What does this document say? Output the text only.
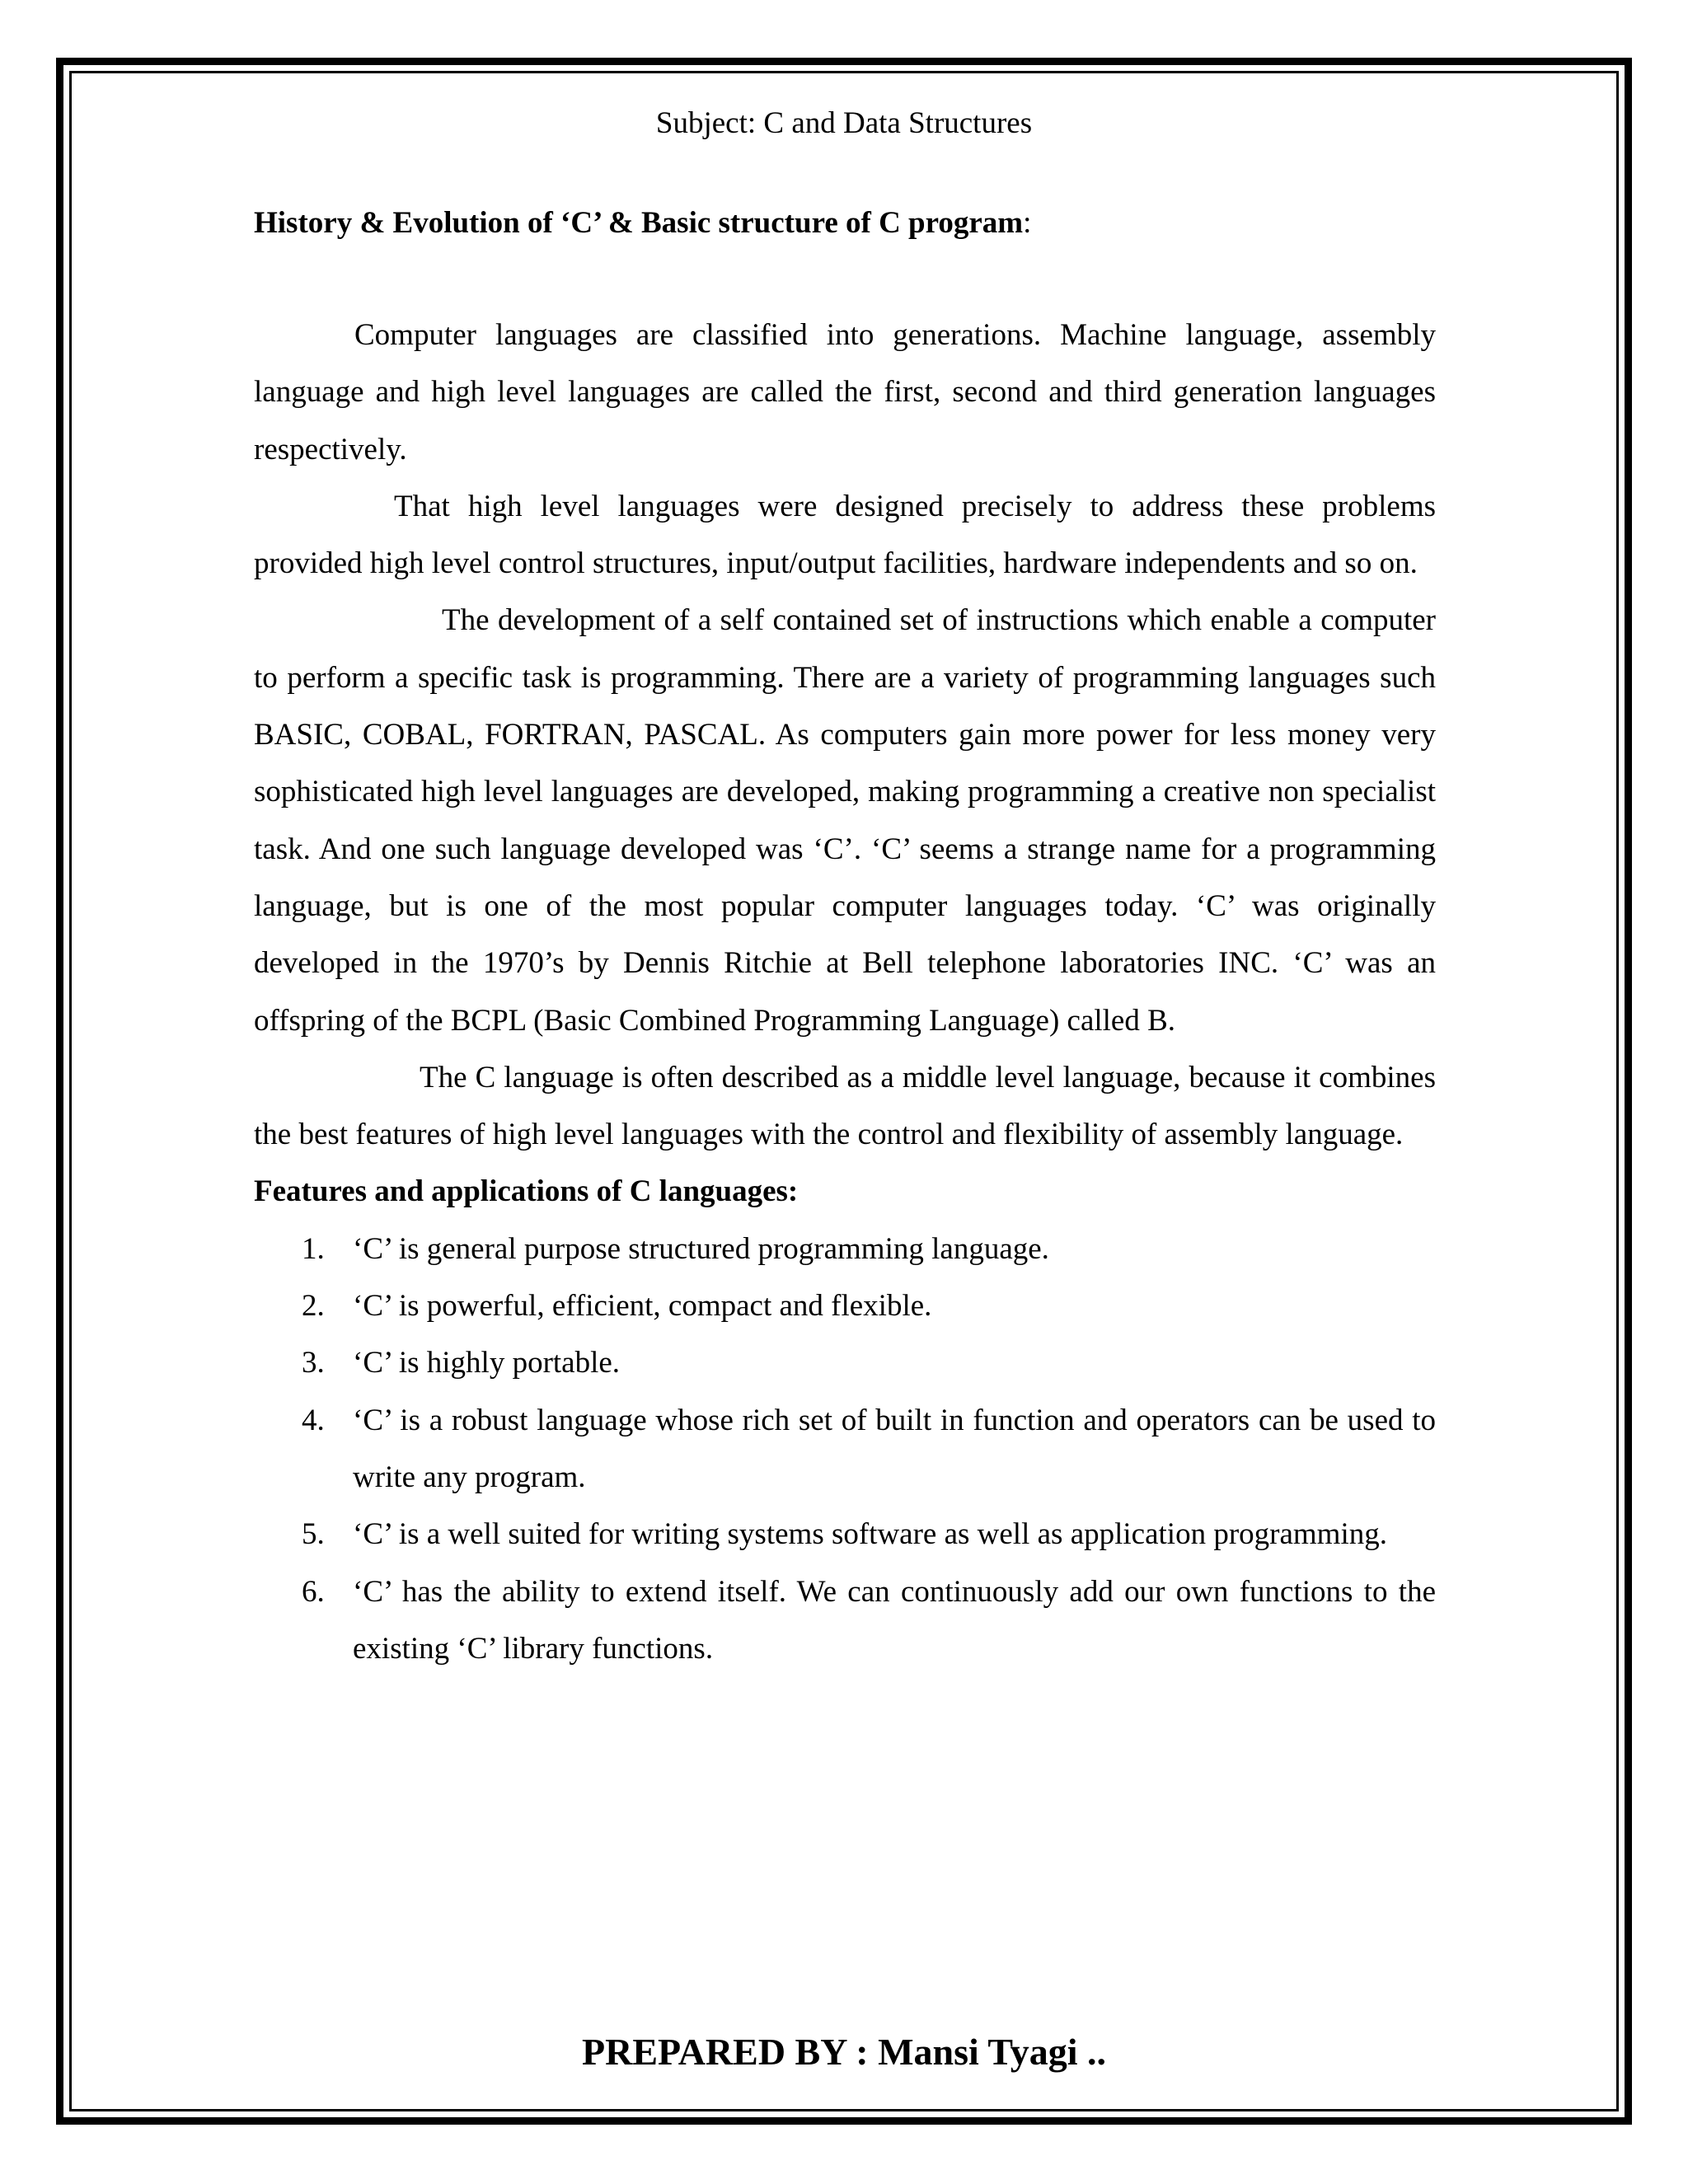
Subject: C and Data Structures

History & Evolution of ‘C’ & Basic structure of C program:

Computer languages are classified into generations. Machine language, assembly language and high level languages are called the first, second and third generation languages respectively.

That high level languages were designed precisely to address these problems provided high level control structures, input/output facilities, hardware independents and so on.

The development of a self contained set of instructions which enable a computer to perform a specific task is programming. There are a variety of programming languages such BASIC, COBAL, FORTRAN, PASCAL. As computers gain more power for less money very sophisticated high level languages are developed, making programming a creative non specialist task. And one such language developed was ‘C’. ‘C’ seems a strange name for a programming language, but is one of the most popular computer languages today. ‘C’ was originally developed in the 1970’s by Dennis Ritchie at Bell telephone laboratories INC. ‘C’ was an offspring of the BCPL (Basic Combined Programming Language) called B.

The C language is often described as a middle level language, because it combines the best features of high level languages with the control and flexibility of assembly language.

Features and applications of C languages:

1. ‘C’ is general purpose structured programming language.
2. ‘C’ is powerful, efficient, compact and flexible.
3. ‘C’ is highly portable.
4. ‘C’ is a robust language whose rich set of built in function and operators can be used to write any program.
5. ‘C’ is a well suited for writing systems software as well as application programming.
6. ‘C’ has the ability to extend itself. We can continuously add our own functions to the existing ‘C’ library functions.
PREPARED BY : Mansi Tyagi ..
